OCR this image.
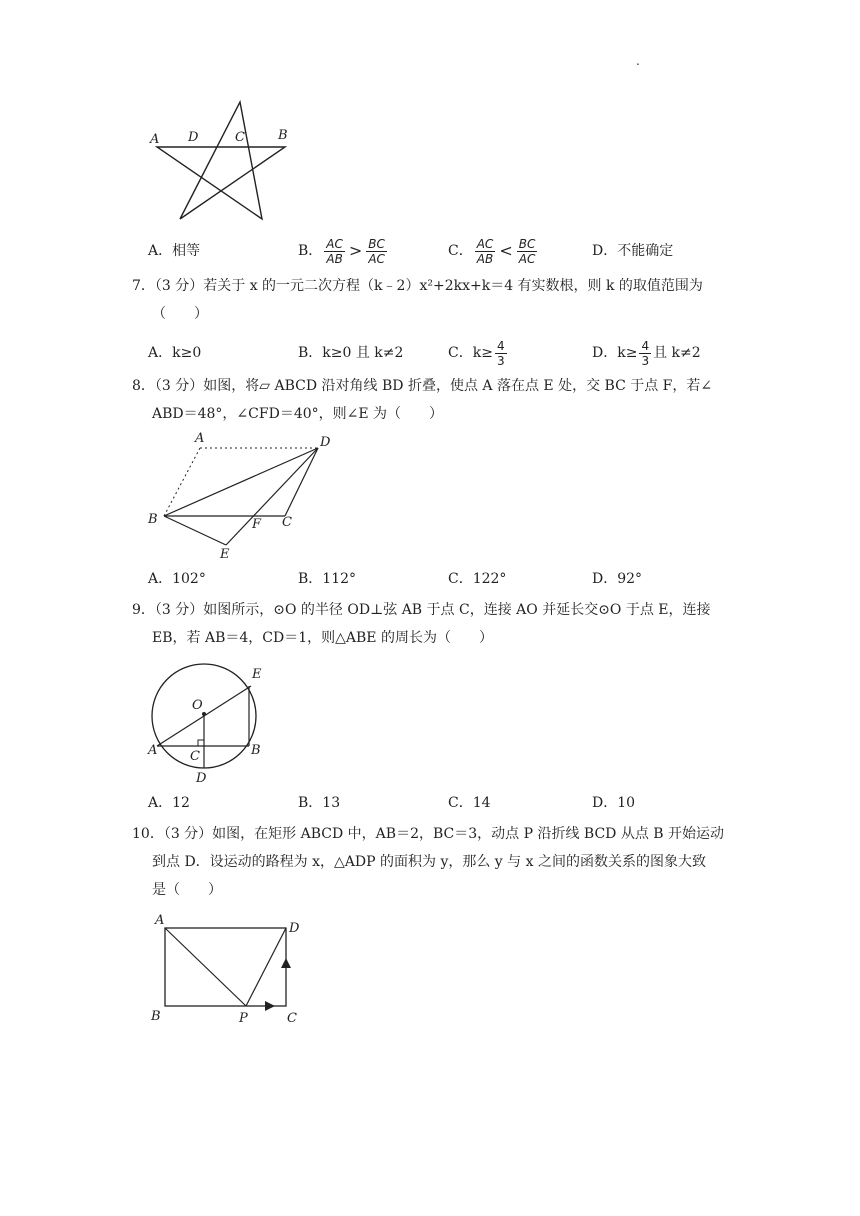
.
A D	C	B
A．相等	B． $\frac{AC}{AB} > \frac{BC}{AC}$	C． $\frac{AC}{AB} < \frac{BC}{AC}$	D．不能确定
7．（3 分）若关于 x 的一元二次方程（k﹣2）x²+2kx+k＝4 有实数根，则 k 的取值范围为
（　　）
A．k≥0	B．k≥0 且 k≠2	C．$k\ge \frac{4}{3}$	D．$k\ge \frac{4}{3}$ 且 k≠2
8．（3 分）如图，将▱ ABCD 沿对角线 BD 折叠，使点 A 落在点 E 处，交 BC 于点 F，若∠
ABD＝48°，∠CFD＝40°，则∠E 为（　　）
A	D
B	F C
E
A．102°	B．112°	C．122°	D．92°
9．（3 分）如图所示，⊙O 的半径 OD⊥弦 AB 于点 C，连接 AO 并延长交⊙O 于点 E，连接
EB，若 AB＝4，CD＝1，则△ABE 的周长为（　　）
O
E
A	C	B
D
A．12	B．13	C．14	D．10
10．（3 分）如图，在矩形 ABCD 中，AB＝2，BC＝3，动点 P 沿折线 BCD 从点 B 开始运动
到点 D．设运动的路程为 x，△ADP 的面积为 y，那么 y 与 x 之间的函数关系的图象大致
是（　　）
A
D
B	P	C
